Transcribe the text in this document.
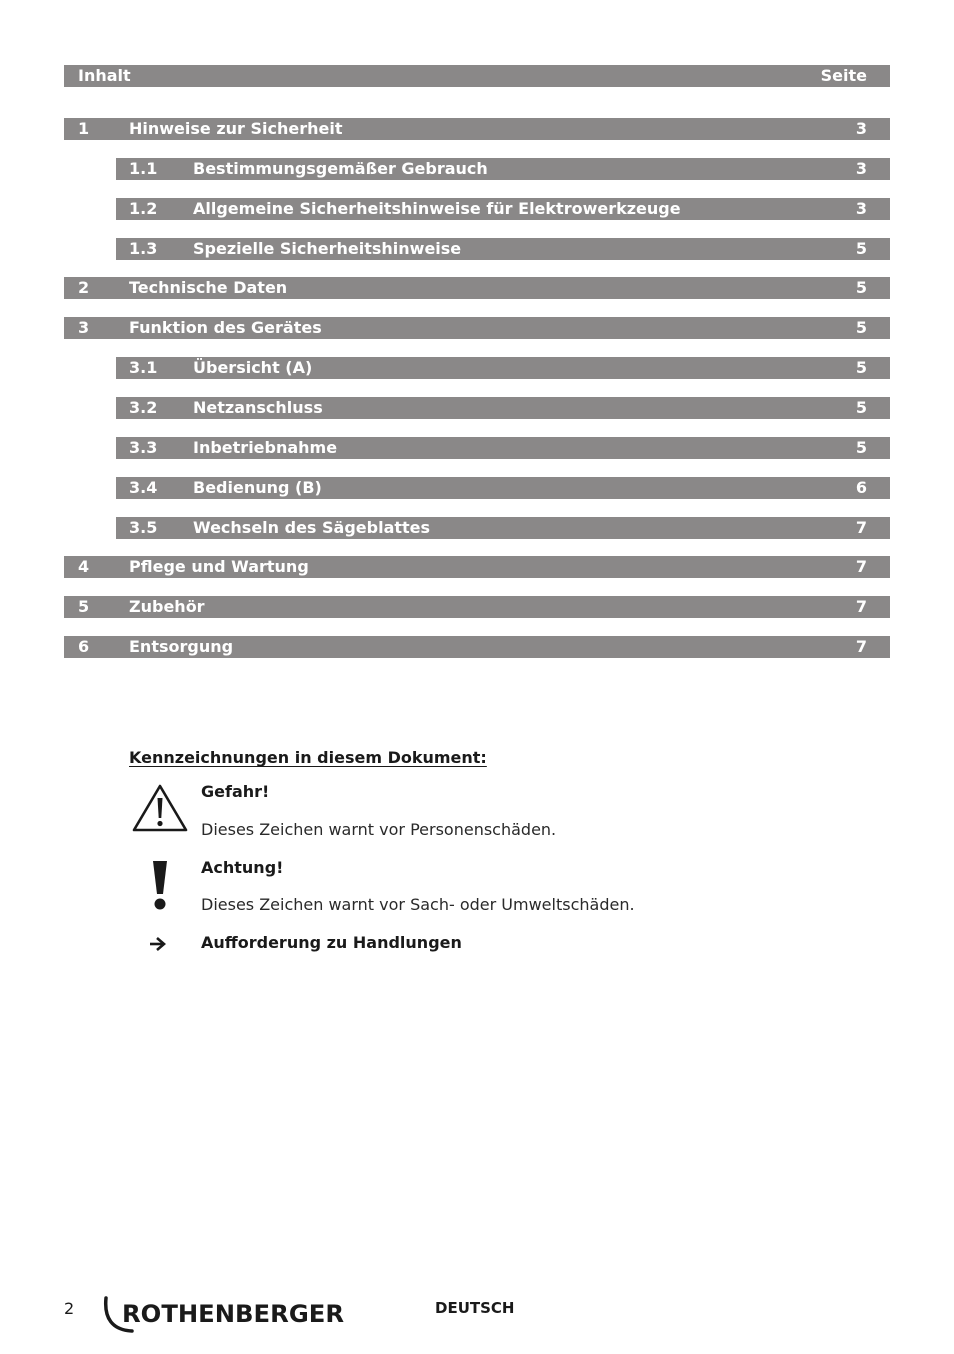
Inhalt	Seite
1 Hinweise zur Sicherheit	3
1.1 Bestimmungsgemäßer Gebrauch	3
1.2 Allgemeine Sicherheitshinweise für Elektrowerkzeuge	3
1.3 Spezielle Sicherheitshinweise	5
2 Technische Daten	5
3 Funktion des Gerätes	5
3.1 Übersicht (A)	5
3.2 Netzanschluss	5
3.3 Inbetriebnahme	5
3.4 Bedienung (B)	6
3.5 Wechseln des Sägeblattes	7
4 Pflege und Wartung	7
5 Zubehör	7
6 Entsorgung	7
Kennzeichnungen in diesem Dokument:
Gefahr!
Dieses Zeichen warnt vor Personenschäden.
Achtung!
Dieses Zeichen warnt vor Sach- oder Umweltschäden.
Aufforderung zu Handlungen
2 ROTHENBERGER	DEUTSCH
